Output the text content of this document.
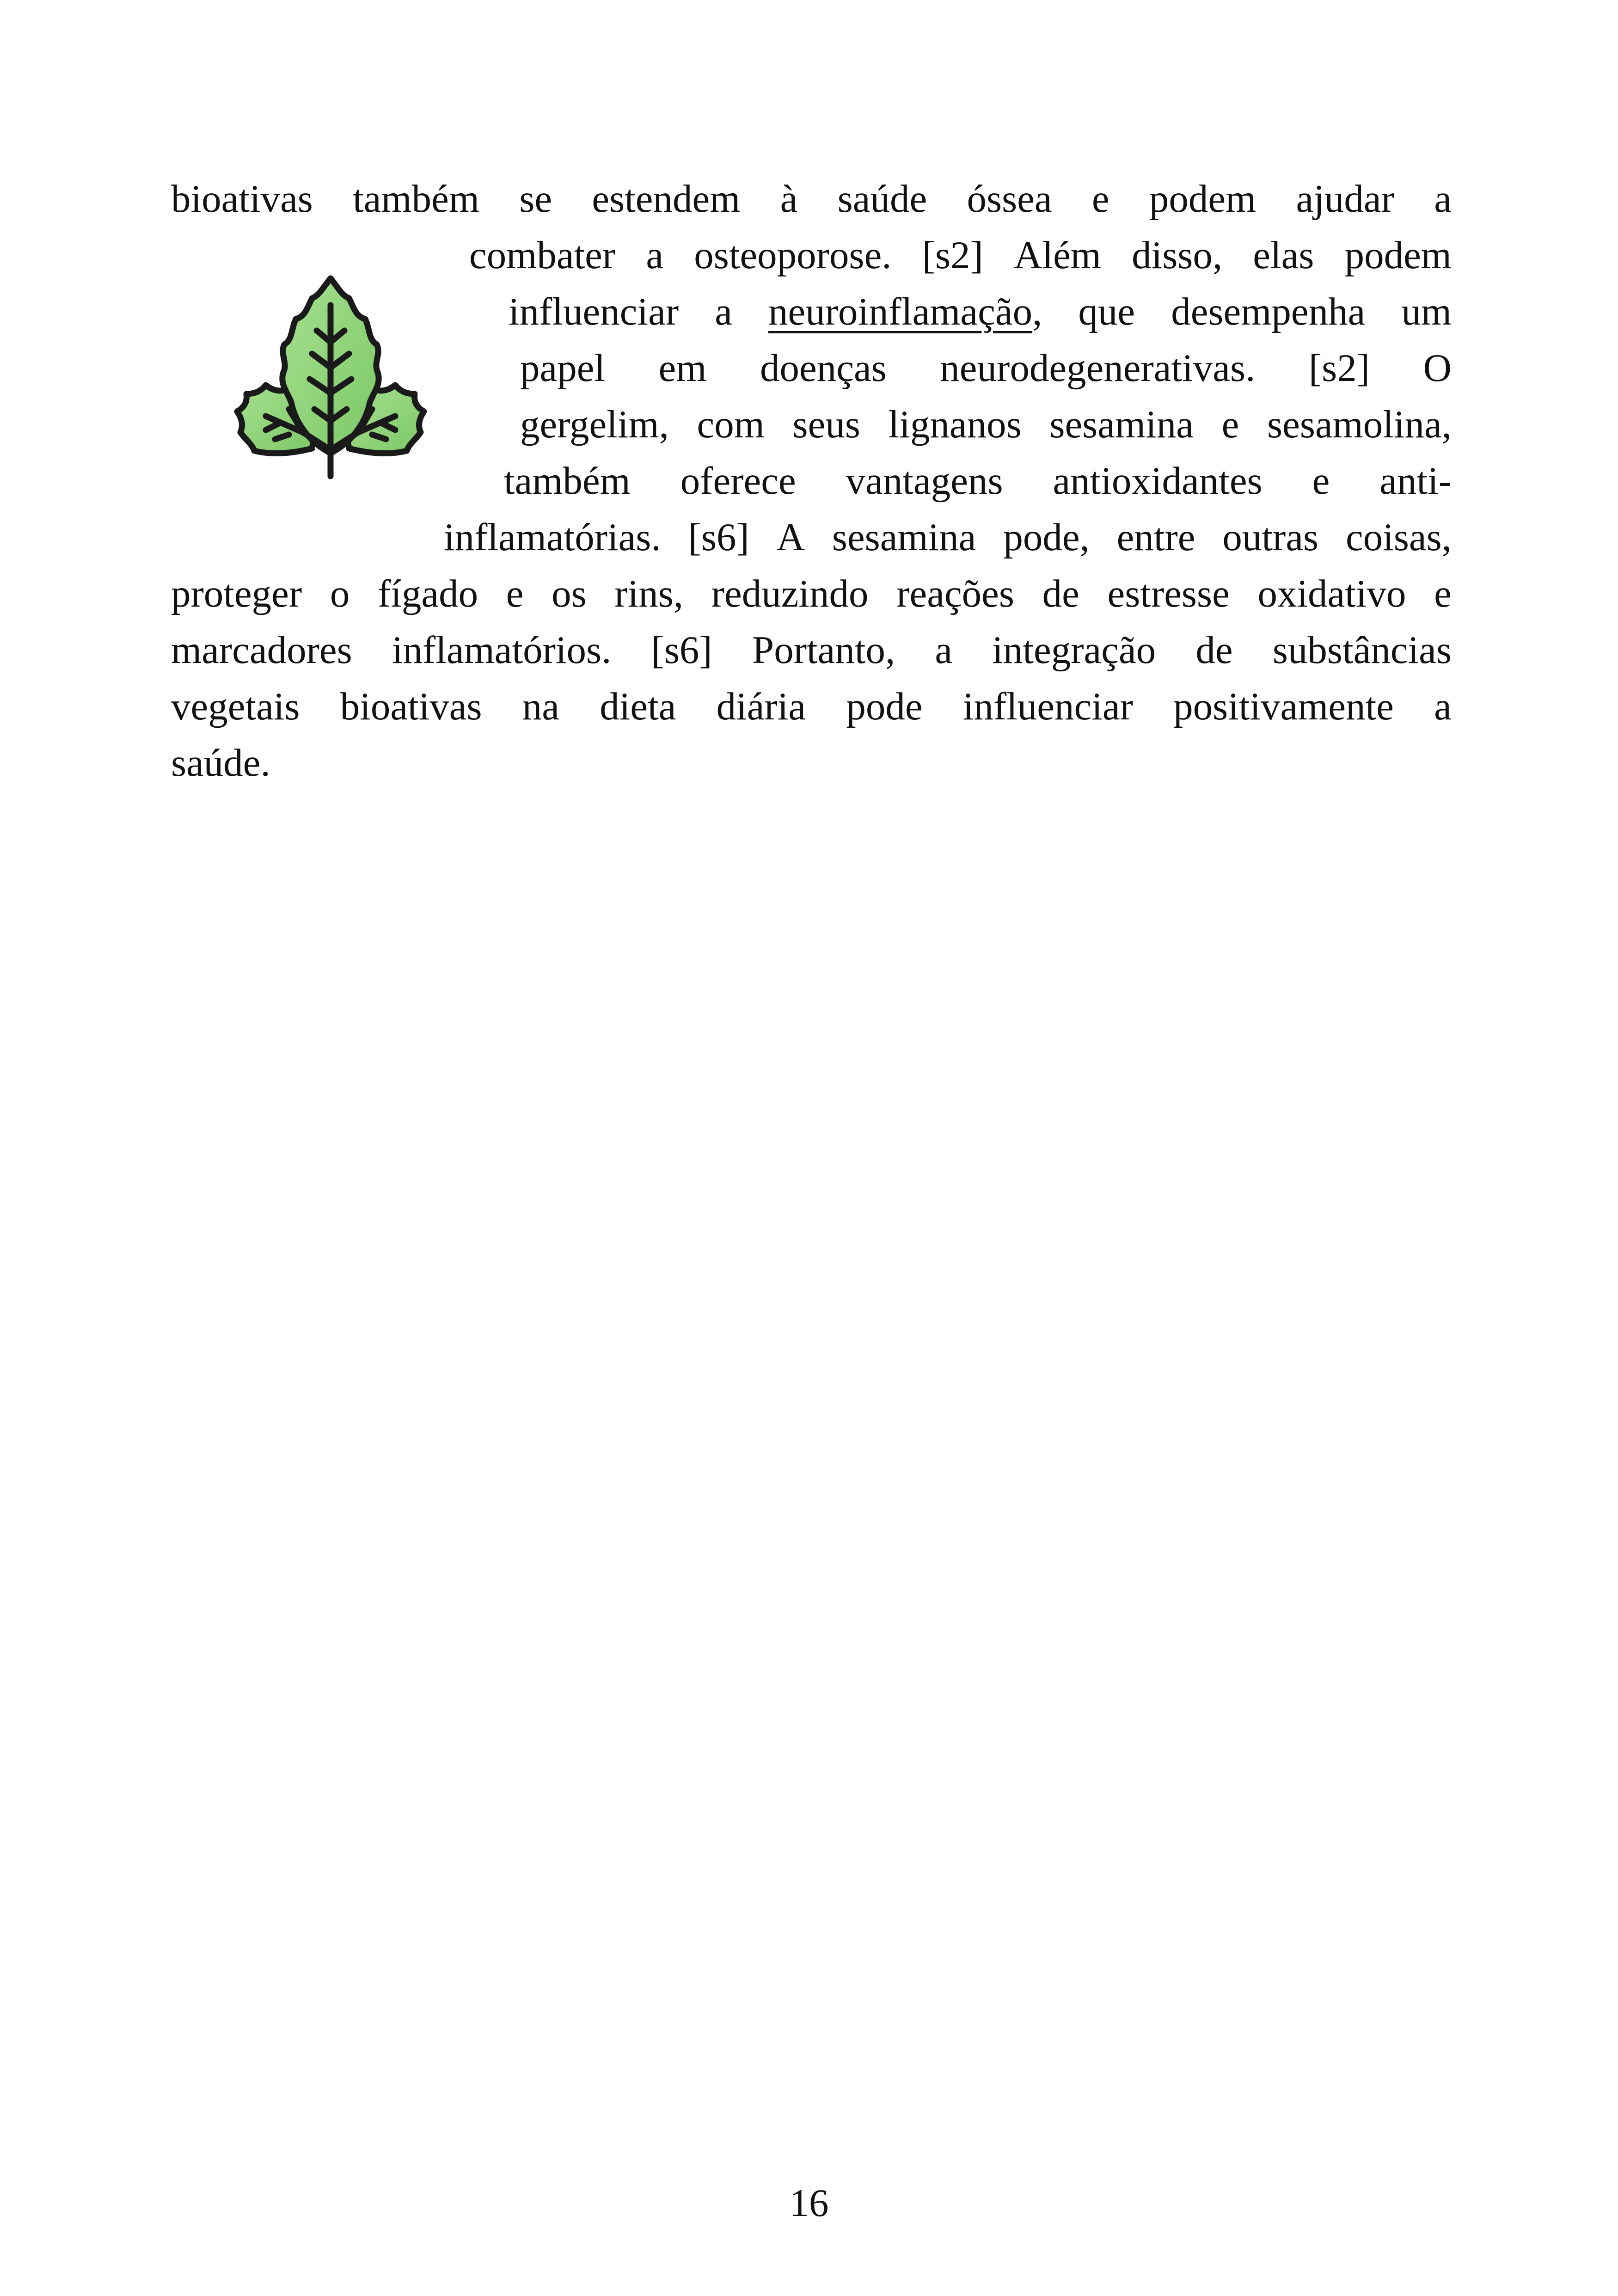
bioativas também se estendem à saúde óssea e podem ajudar a
combater a osteoporose. [s2] Além disso, elas podem
influenciar a neuroinflamação, que desempenha um
papel em doenças neurodegenerativas. [s2] O
gergelim, com seus lignanos sesamina e sesamolina,
também oferece vantagens antioxidantes e anti-
inflamatórias. [s6] A sesamina pode, entre outras coisas,
proteger o fígado e os rins, reduzindo reações de estresse oxidativo e
marcadores inflamatórios. [s6] Portanto, a integração de substâncias
vegetais bioativas na dieta diária pode influenciar positivamente a
saúde.
16
